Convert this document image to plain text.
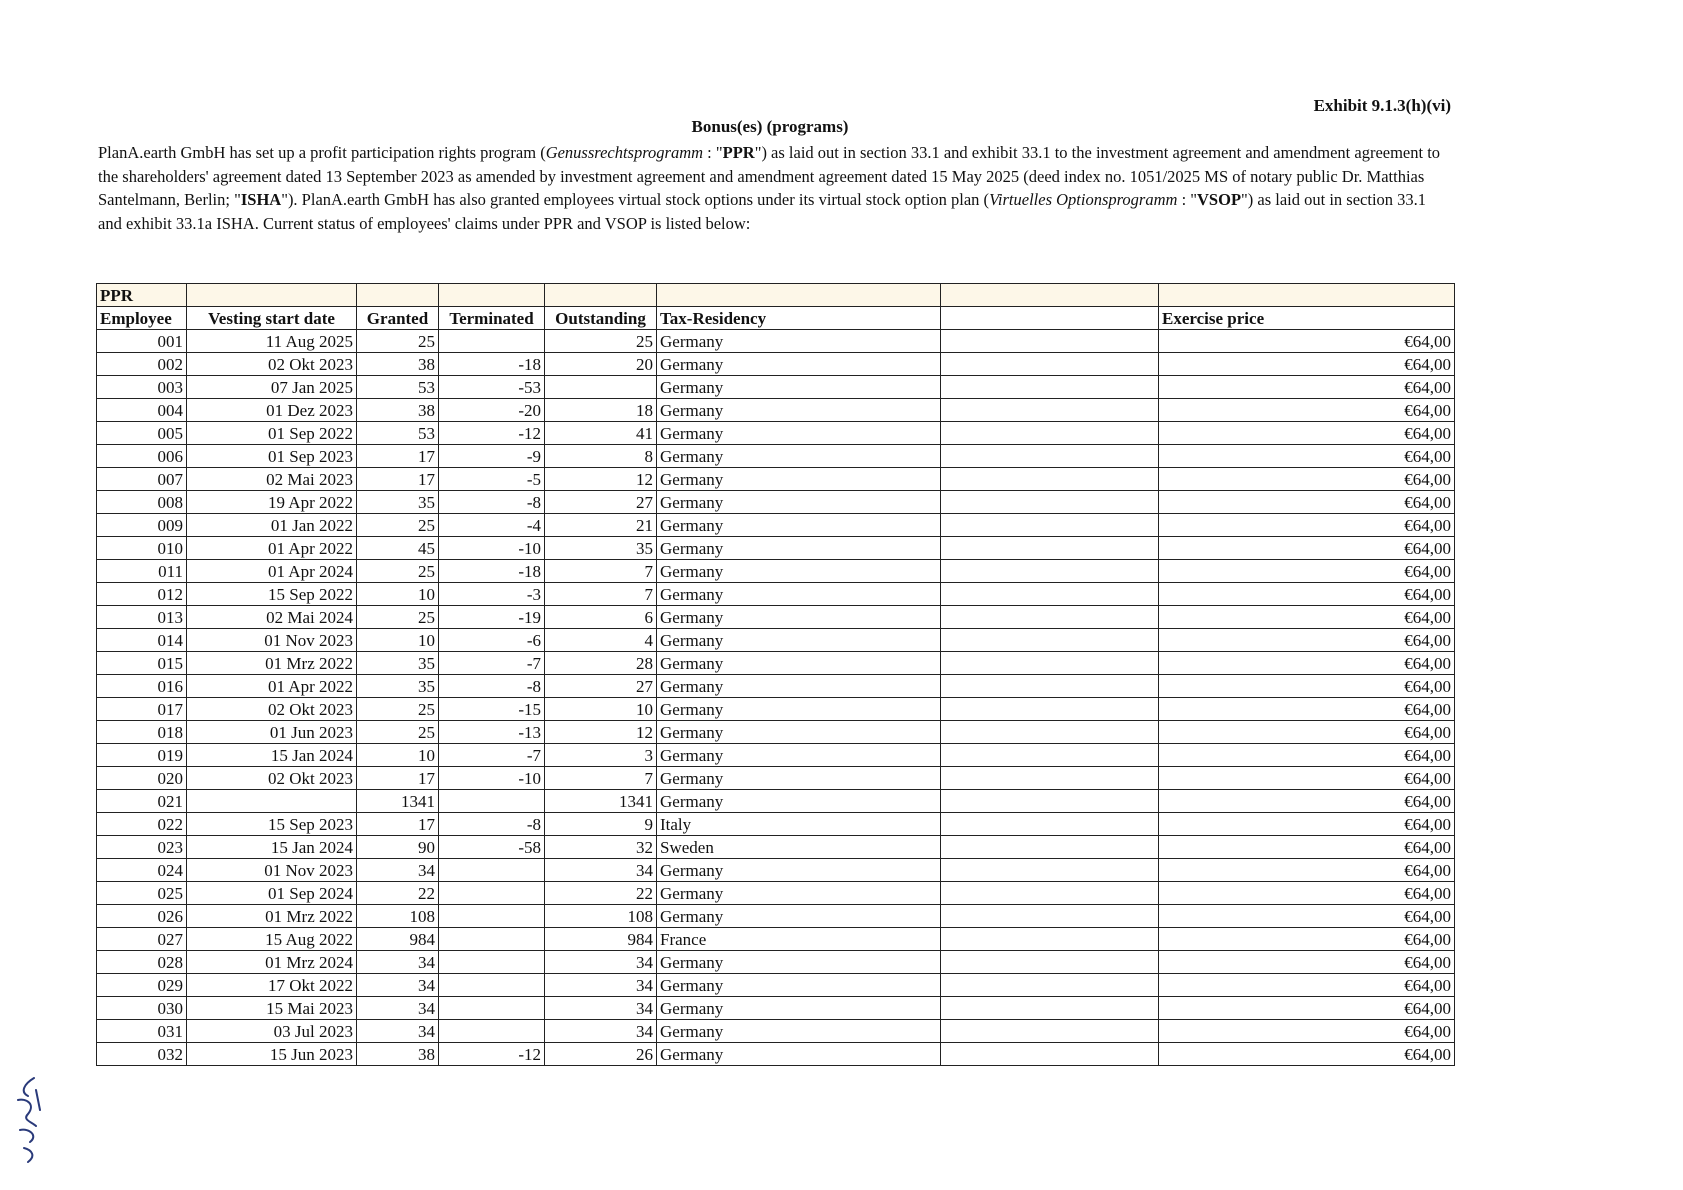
Exhibit 9.1.3(h)(vi)
Bonus(es) (programs)
PlanA.earth GmbH has set up a profit participation rights program (Genussrechtsprogramm : "PPR") as laid out in section 33.1 and exhibit 33.1 to the investment agreement and amendment agreement to the shareholders' agreement dated 13 September 2023 as amended by investment agreement and amendment agreement dated 15 May 2025 (deed index no. 1051/2025 MS of notary public Dr. Matthias Santelmann, Berlin; "ISHA"). PlanA.earth GmbH has also granted employees virtual stock options under its virtual stock option plan (Virtuelles Optionsprogramm : "VSOP") as laid out in section 33.1 and exhibit 33.1a ISHA. Current status of employees' claims under PPR and VSOP is listed below:
PPR							
Employee	Vesting start date	Granted	Terminated	Outstanding	Tax-Residency		Exercise price
001	11 Aug 2025	25		25	Germany		€64,00
002	02 Okt 2023	38	-18	20	Germany		€64,00
003	07 Jan 2025	53	-53		Germany		€64,00
004	01 Dez 2023	38	-20	18	Germany		€64,00
005	01 Sep 2022	53	-12	41	Germany		€64,00
006	01 Sep 2023	17	-9	8	Germany		€64,00
007	02 Mai 2023	17	-5	12	Germany		€64,00
008	19 Apr 2022	35	-8	27	Germany		€64,00
009	01 Jan 2022	25	-4	21	Germany		€64,00
010	01 Apr 2022	45	-10	35	Germany		€64,00
011	01 Apr 2024	25	-18	7	Germany		€64,00
012	15 Sep 2022	10	-3	7	Germany		€64,00
013	02 Mai 2024	25	-19	6	Germany		€64,00
014	01 Nov 2023	10	-6	4	Germany		€64,00
015	01 Mrz 2022	35	-7	28	Germany		€64,00
016	01 Apr 2022	35	-8	27	Germany		€64,00
017	02 Okt 2023	25	-15	10	Germany		€64,00
018	01 Jun 2023	25	-13	12	Germany		€64,00
019	15 Jan 2024	10	-7	3	Germany		€64,00
020	02 Okt 2023	17	-10	7	Germany		€64,00
021		1341		1341	Germany		€64,00
022	15 Sep 2023	17	-8	9	Italy		€64,00
023	15 Jan 2024	90	-58	32	Sweden		€64,00
024	01 Nov 2023	34		34	Germany		€64,00
025	01 Sep 2024	22		22	Germany		€64,00
026	01 Mrz 2022	108		108	Germany		€64,00
027	15 Aug 2022	984		984	France		€64,00
028	01 Mrz 2024	34		34	Germany		€64,00
029	17 Okt 2022	34		34	Germany		€64,00
030	15 Mai 2023	34		34	Germany		€64,00
031	03 Jul 2023	34		34	Germany		€64,00
032	15 Jun 2023	38	-12	26	Germany		€64,00
